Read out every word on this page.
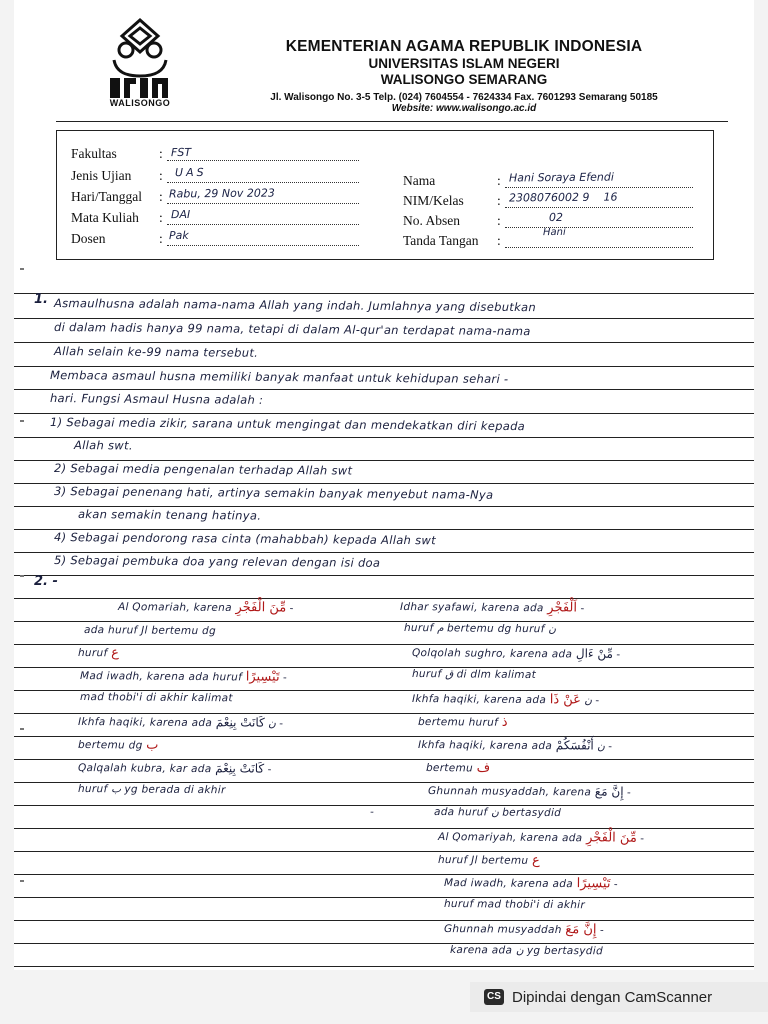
WALISONGO
KEMENTERIAN AGAMA REPUBLIK INDONESIA
UNIVERSITAS ISLAM NEGERI
WALISONGO SEMARANG
Jl. Walisongo No. 3-5 Telp. (024) 7604554 - 7624334 Fax. 7601293 Semarang 50185
Website: www.walisongo.ac.id
Fakultas	: FST
Jenis Ujian : UAS
Hari/Tanggal : Rabu, 29 Nov 2023
Mata Kuliah : DAI
Dosen	: Pak
Nama	: Hani Soraya Efendi
NIM/Kelas : 2308076002 9    16
No. Absen	:	02
Tanda Tangan :
Hani
1. Asmaulhusna adalah nama-nama Allah yang indah. Jumlahnya yang disebutkan
di dalam hadis hanya 99 nama, tetapi di dalam Al-qur'an terdapat nama-nama
Allah selain ke-99 nama tersebut.
Membaca asmaul husna memiliki banyak manfaat untuk kehidupan sehari -
hari. Fungsi Asmaul Husna adalah :
1) Sebagai media zikir, sarana untuk mengingat dan mendekatkan diri kepada
Allah swt.
2) Sebagai media pengenalan terhadap Allah swt
3) Sebagai penenang hati, artinya semakin banyak menyebut nama-Nya
akan semakin tenang hatinya.
4) Sebagai pendorong rasa cinta (mahabbah) kepada Allah swt
5) Sebagai pembuka doa yang relevan dengan isi doa
2. -
Al Qomariah, karena مِّنَ الْفَجْرِ -
ada huruf Jl bertemu dg
huruf ع
Mad iwadh, karena ada huruf تَيْسِيرًا -
mad thobi'i di akhir kalimat
Ikhfa haqiki, karena ada ن كَانَتْ بِنِعْمَ -
bertemu dg ب
Qalqalah kubra, kar ada كَانَتْ بِنِعْمَ -
huruf ب yg berada di akhir
-
Idhar syafawi, karena ada اَلْفَجْرِ -
huruf م bertemu dg huruf ن
Qolqolah sughro, karena ada مِّنْ ءَالِ -
huruf ق di dlm kalimat
Ikhfa haqiki, karena ada ن عَنْ ذَا -
bertemu huruf ذ
Ikhfa haqiki, karena ada ن أَنْفُسَكُمْ -
bertemu ف
Ghunnah musyaddah, karena إِنَّ مَعَ -
ada huruf ن bertasydid
Al Qomariyah, karena ada مِّنَ الْفَجْرِ -
huruf Jl bertemu ع
Mad iwadh, karena ada تَيْسِيرًا -
huruf mad thobi'i di akhir
Ghunnah musyaddah إِنَّ مَعَ -
karena ada ن yg bertasydid
CS Dipindai dengan CamScanner
